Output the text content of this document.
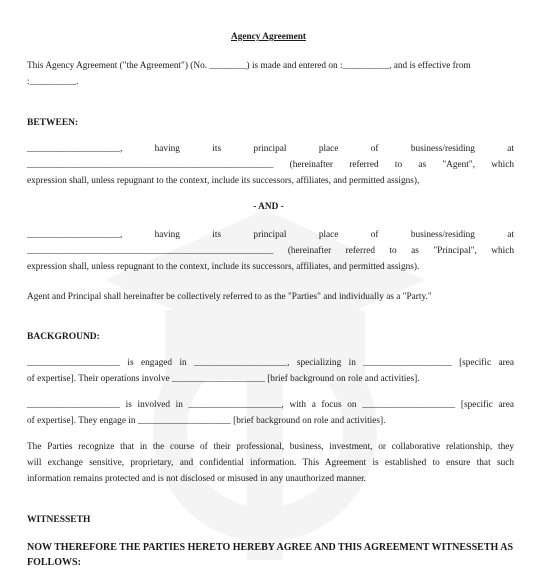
Agency Agreement
This Agency Agreement ("the Agreement") (No. ________) is made and entered on :__________, and is effective from
:__________.
BETWEEN:
____________________, having its principal place of business/residing at
_____________________________________________________ (hereinafter referred to as "Agent", which
expression shall, unless repugnant to the context, include its successors, affiliates, and permitted assigns),
- AND -
____________________, having its principal place of business/residing at
_____________________________________________________ (hereinafter referred to as "Principal", which
expression shall, unless repugnant to the context, include its successors, affiliates, and permitted assigns).
Agent and Principal shall hereinafter be collectively referred to as the "Parties" and individually as a "Party."
BACKGROUND:
____________________ is engaged in ____________________, specializing in ___________________ [specific area
of expertise]. Their operations involve ____________________ [brief background on role and activities].
____________________ is involved in ____________________, with a focus on ____________________ [specific area
of expertise]. They engage in ____________________ [brief background on role and activities].
The Parties recognize that in the course of their professional, business, investment, or collaborative relationship, they
will exchange sensitive, proprietary, and confidential information. This Agreement is established to ensure that such
information remains protected and is not disclosed or misused in any unauthorized manner.
WITNESSETH
NOW THEREFORE THE PARTIES HERETO HEREBY AGREE AND THIS AGREEMENT WITNESSETH AS
FOLLOWS:
